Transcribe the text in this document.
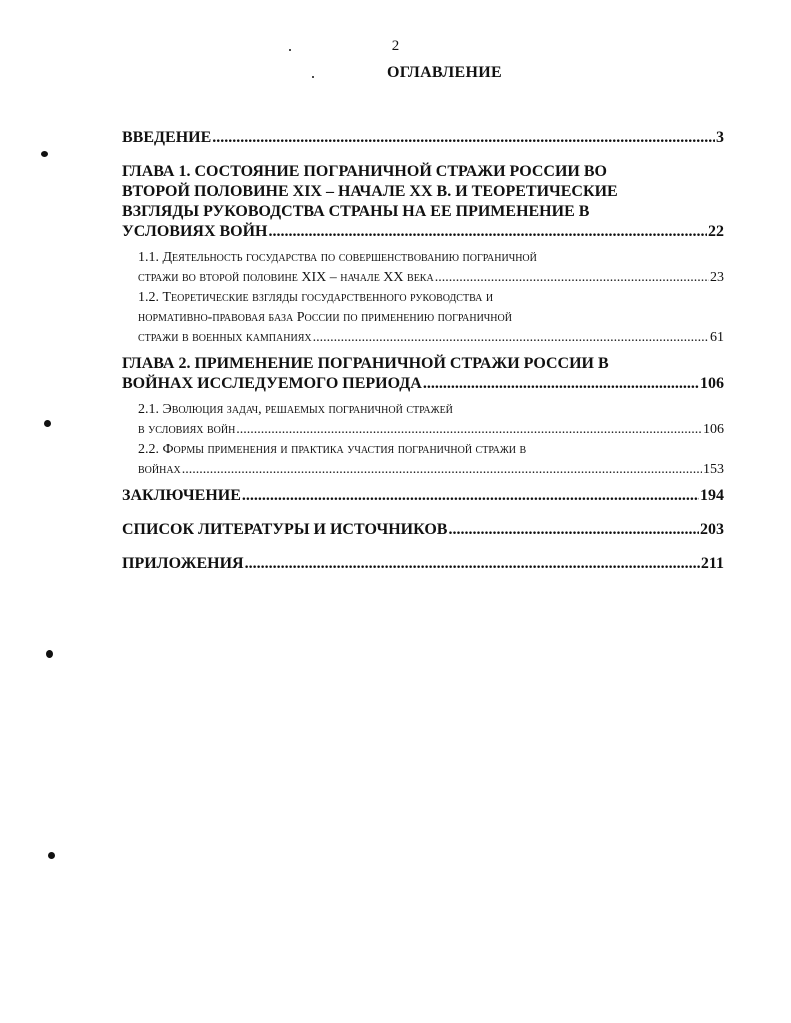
2
ОГЛАВЛЕНИЕ
ВВЕДЕНИЕ .....	3
ГЛАВА 1. СОСТОЯНИЕ ПОГРАНИЧНОЙ СТРАЖИ РОССИИ ВО
ВТОРОЙ ПОЛОВИНЕ XIX – НАЧАЛЕ XX В. И ТЕОРЕТИЧЕСКИЕ
ВЗГЛЯДЫ РУКОВОДСТВА СТРАНЫ НА ЕЕ ПРИМЕНЕНИЕ В
УСЛОВИЯХ ВОЙН .....	22
1.1. Деятельность государства по совершенствованию пограничной
стражи во второй половине XIX – начале XX века .....	23
1.2. Теоретические взгляды государственного руководства и
нормативно-правовая база России по применению пограничной
стражи в военных кампаниях .....	61
ГЛАВА 2. ПРИМЕНЕНИЕ ПОГРАНИЧНОЙ СТРАЖИ РОССИИ В
ВОЙНАХ ИССЛЕДУЕМОГО ПЕРИОДА .....	106
2.1. Эволюция задач, решаемых пограничной стражей
в условиях войн .....	106
2.2. Формы применения и практика участия пограничной стражи в
войнах .....	153
ЗАКЛЮЧЕНИЕ .....	194
СПИСОК ЛИТЕРАТУРЫ И ИСТОЧНИКОВ .....	203
ПРИЛОЖЕНИЯ .....	211
